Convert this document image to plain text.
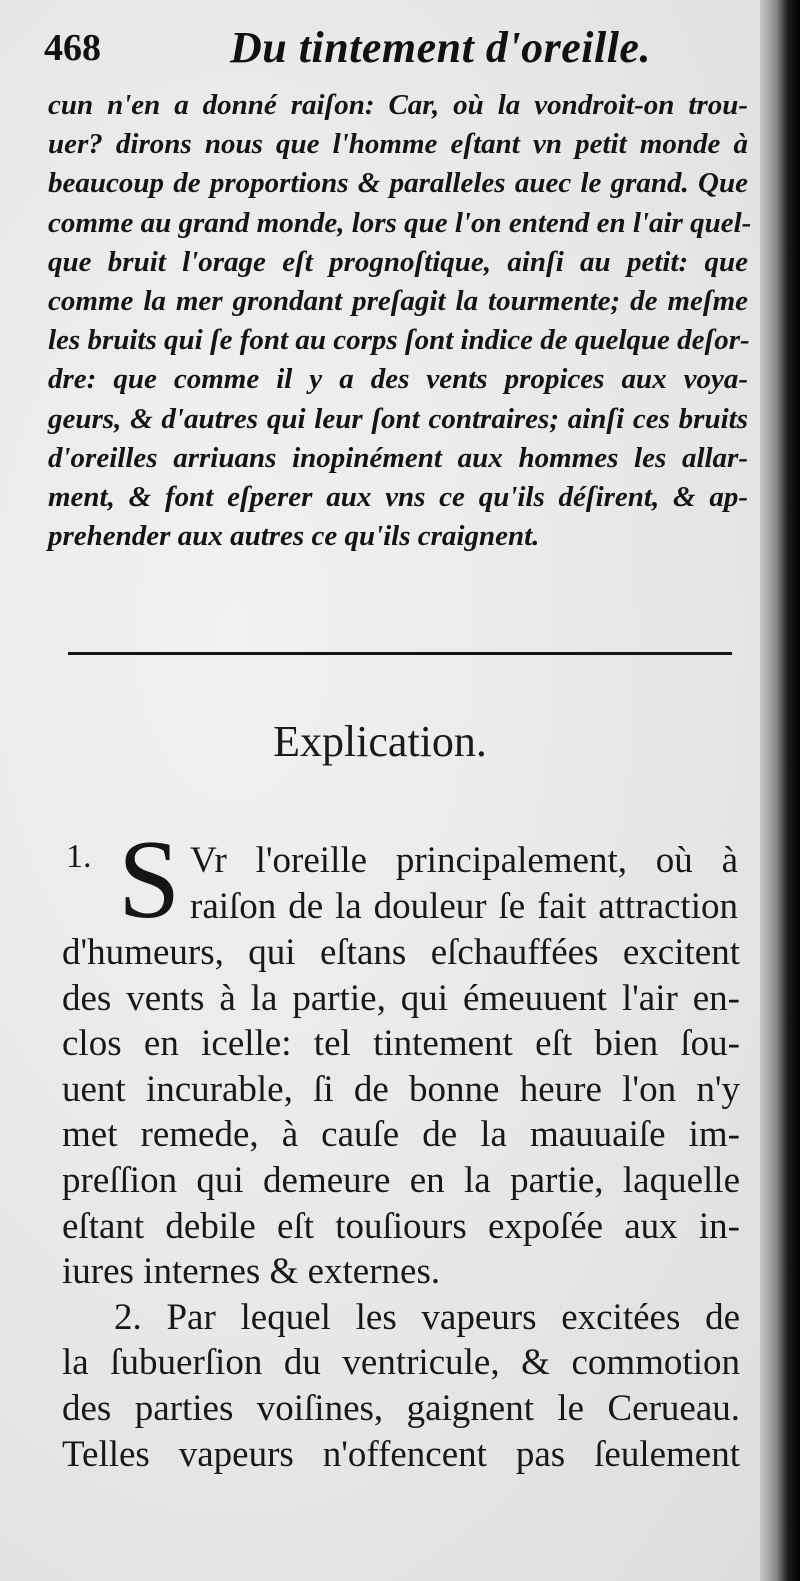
468	Du tintement d'oreille.
cun n'en a donné raiſon: Car, où la vondroit-on trou-
uer? dirons nous que l'homme eſtant vn petit monde à
beaucoup de proportions & paralleles auec le grand. Que
comme au grand monde, lors que l'on entend en l'air quel-
que bruit l'orage eſt prognoſtique, ainſi au petit: que
comme la mer grondant preſagit la tourmente; de meſme
les bruits qui ſe font au corps ſont indice de quelque deſor-
dre: que comme il y a des vents propices aux voya-
geurs, & d'autres qui leur ſont contraires; ainſi ces bruits
d'oreilles arriuans inopinément aux hommes les allar-
ment, & font eſperer aux vns ce qu'ils déſirent, & ap-
prehender aux autres ce qu'ils craignent.
Explication.
1. S Vr l'oreille principalement, où à
raiſon de la douleur ſe fait attraction
d'humeurs, qui eſtans eſchauffées excitent
des vents à la partie, qui émeuuent l'air en-
clos en icelle: tel tintement eſt bien ſou-
uent incurable, ſi de bonne heure l'on n'y
met remede, à cauſe de la mauuaiſe im-
preſſion qui demeure en la partie, laquelle
eſtant debile eſt touſiours expoſée aux in-
iures internes & externes.
2. Par lequel les vapeurs excitées de
la ſubuerſion du ventricule, & commotion
des parties voiſines, gaignent le Cerueau.
Telles vapeurs n'offencent pas ſeulement
